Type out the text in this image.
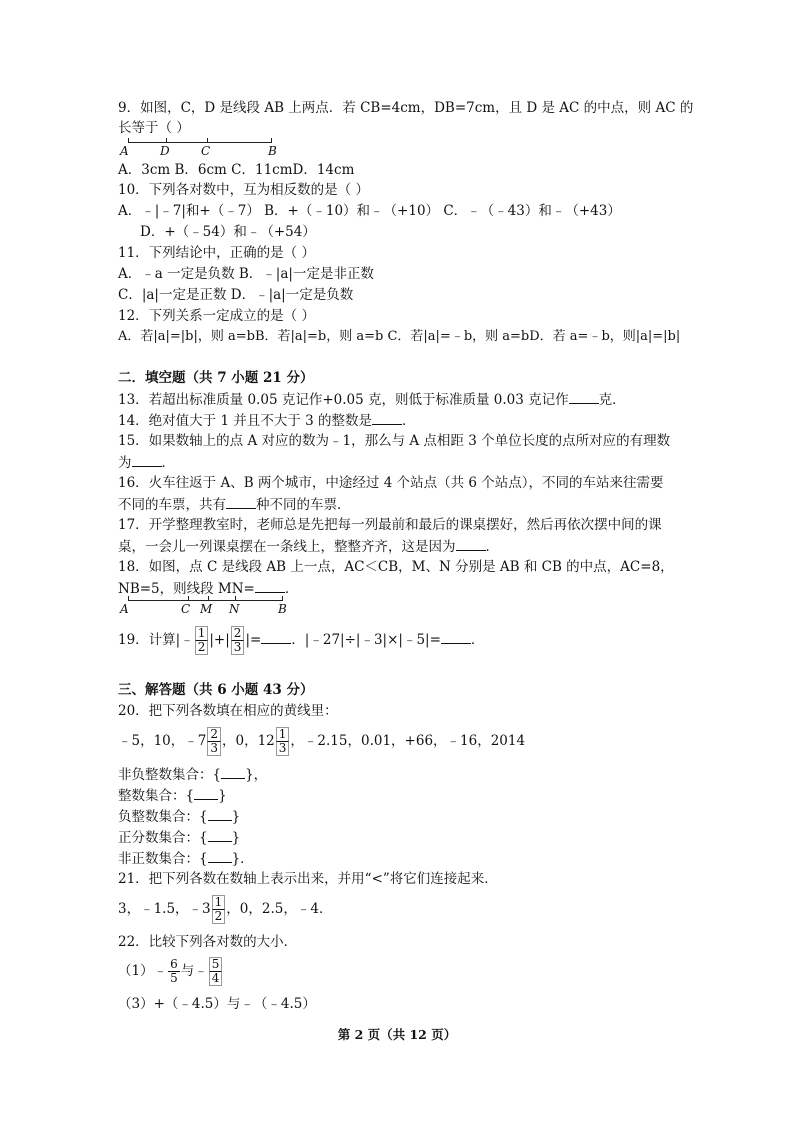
9．如图，C，D 是线段 AB 上两点．若 CB=4cm，DB=7cm，且 D 是 AC 的中点，则 AC 的
长等于（ ）
A	D	C	B
A．3cm B．6cm C．11cmD．14cm
10．下列各对数中，互为相反数的是（ ）
A．﹣|﹣7|和+（﹣7） B．+（﹣10）和﹣（+10） C．﹣（﹣43）和﹣（+43）
D．+（﹣54）和﹣（+54）
11．下列结论中，正确的是（ ）
A．﹣a 一定是负数 B．﹣|a|一定是非正数
C．|a|一定是正数 D．﹣|a|一定是负数
12．下列关系一定成立的是（ ）
A．若|a|=|b|，则 a=bB．若|a|=b，则 a=b C．若|a|=﹣b，则 a=bD．若 a=﹣b，则|a|=|b|
二．填空题（共 7 小题 21 分）
13．若超出标准质量 0.05 克记作+0.05 克，则低于标准质量 0.03 克记作 克．
14．绝对值大于 1 并且不大于 3 的整数是 ．
15．如果数轴上的点 A 对应的数为﹣1，那么与 A 点相距 3 个单位长度的点所对应的有理数
为 ．
16．火车往返于 A、B 两个城市，中途经过 4 个站点（共 6 个站点），不同的车站来往需要
不同的车票，共有 种不同的车票．
17．开学整理教室时，老师总是先把每一列最前和最后的课桌摆好，然后再依次摆中间的课
桌，一会儿一列课桌摆在一条线上，整整齐齐，这是因为 ．
18．如图，点 C 是线段 AB 上一点，AC＜CB，M、N 分别是 AB 和 CB 的中点，AC=8，
NB=5，则线段 MN= ．
A	C M N	B
19．计算|﹣ $\frac{1}{2}$ |+| $\frac{2}{3}$ |= ．|﹣27|÷|﹣3|×|﹣5|= ．
三、解答题（共 6 小题 43 分）
20．把下列各数填在相应的黄线里：
﹣5，10，﹣7 $\frac{2}{3}$ ，0，$12 \frac{1}{3}$ ，﹣2.15，0.01，+66，﹣16，2014
非负整数集合：{ }，
整数集合：{ }
负整数集合：{ }
正分数集合：{ }
非正数集合：{ }．
21．把下列各数在数轴上表示出来，并用“<”将它们连接起来．
3，﹣1.5，﹣3 $\frac{1}{2}$ ，0，2.5，﹣4．
22．比较下列各对数的大小．
（1）﹣ $\frac{6}{5}$ 与﹣ $\frac{5}{4}$
（3）+（﹣4.5）与﹣（﹣4.5）
第 2 页（共 12 页）
